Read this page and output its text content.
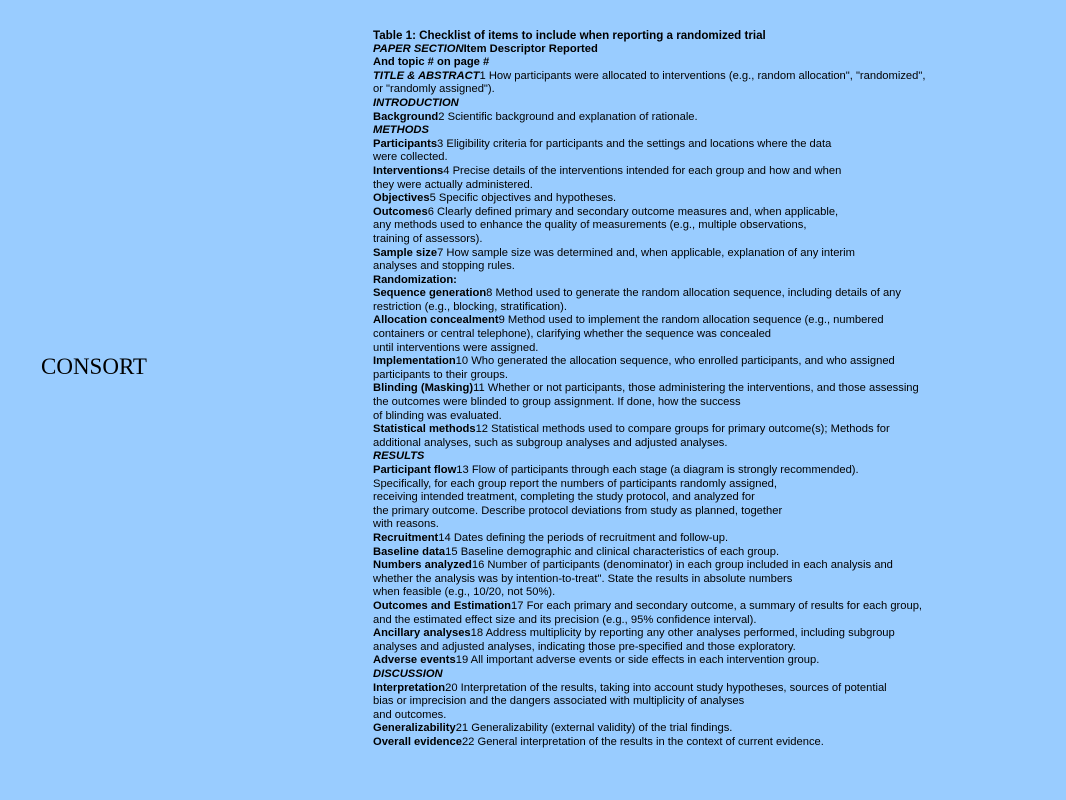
CONSORT
Table 1: Checklist of items to include when reporting a randomized trial
PAPER SECTIONItem Descriptor Reported
And topic # on page #
TITLE & ABSTRACT1 How participants were allocated to interventions (e.g., random allocation", "randomized",
or "randomly assigned").
INTRODUCTION
Background2 Scientific background and explanation of rationale.
METHODS
Participants3 Eligibility criteria for participants and the settings and locations where the data
were collected.
Interventions4 Precise details of the interventions intended for each group and how and when
they were actually administered.
Objectives5 Specific objectives and hypotheses.
Outcomes6 Clearly defined primary and secondary outcome measures and, when applicable,
any methods used to enhance the quality of measurements (e.g., multiple observations,
training of assessors).
Sample size7 How sample size was determined and, when applicable, explanation of any interim
analyses and stopping rules.
Randomization:
Sequence generation8 Method used to generate the random allocation sequence, including details of any
restriction (e.g., blocking, stratification).
Allocation concealment9 Method used to implement the random allocation sequence (e.g., numbered
containers or central telephone), clarifying whether the sequence was concealed
until interventions were assigned.
Implementation10 Who generated the allocation sequence, who enrolled participants, and who assigned
participants to their groups.
Blinding (Masking)11 Whether or not participants, those administering the interventions, and those assessing
the outcomes were blinded to group assignment. If done, how the success
of blinding was evaluated.
Statistical methods12 Statistical methods used to compare groups for primary outcome(s); Methods for
additional analyses, such as subgroup analyses and adjusted analyses.
RESULTS
Participant flow13 Flow of participants through each stage (a diagram is strongly recommended).
Specifically, for each group report the numbers of participants randomly assigned,
receiving intended treatment, completing the study protocol, and analyzed for
the primary outcome. Describe protocol deviations from study as planned, together
with reasons.
Recruitment14 Dates defining the periods of recruitment and follow-up.
Baseline data15 Baseline demographic and clinical characteristics of each group.
Numbers analyzed16 Number of participants (denominator) in each group included in each analysis and
whether the analysis was by intention-to-treat". State the results in absolute numbers
when feasible (e.g., 10/20, not 50%).
Outcomes and Estimation17 For each primary and secondary outcome, a summary of results for each group,
and the estimated effect size and its precision (e.g., 95% confidence interval).
Ancillary analyses18 Address multiplicity by reporting any other analyses performed, including subgroup
analyses and adjusted analyses, indicating those pre-specified and those exploratory.
Adverse events19 All important adverse events or side effects in each intervention group.
DISCUSSION
Interpretation20 Interpretation of the results, taking into account study hypotheses, sources of potential
bias or imprecision and the dangers associated with multiplicity of analyses
and outcomes.
Generalizability21 Generalizability (external validity) of the trial findings.
Overall evidence22 General interpretation of the results in the context of current evidence.
